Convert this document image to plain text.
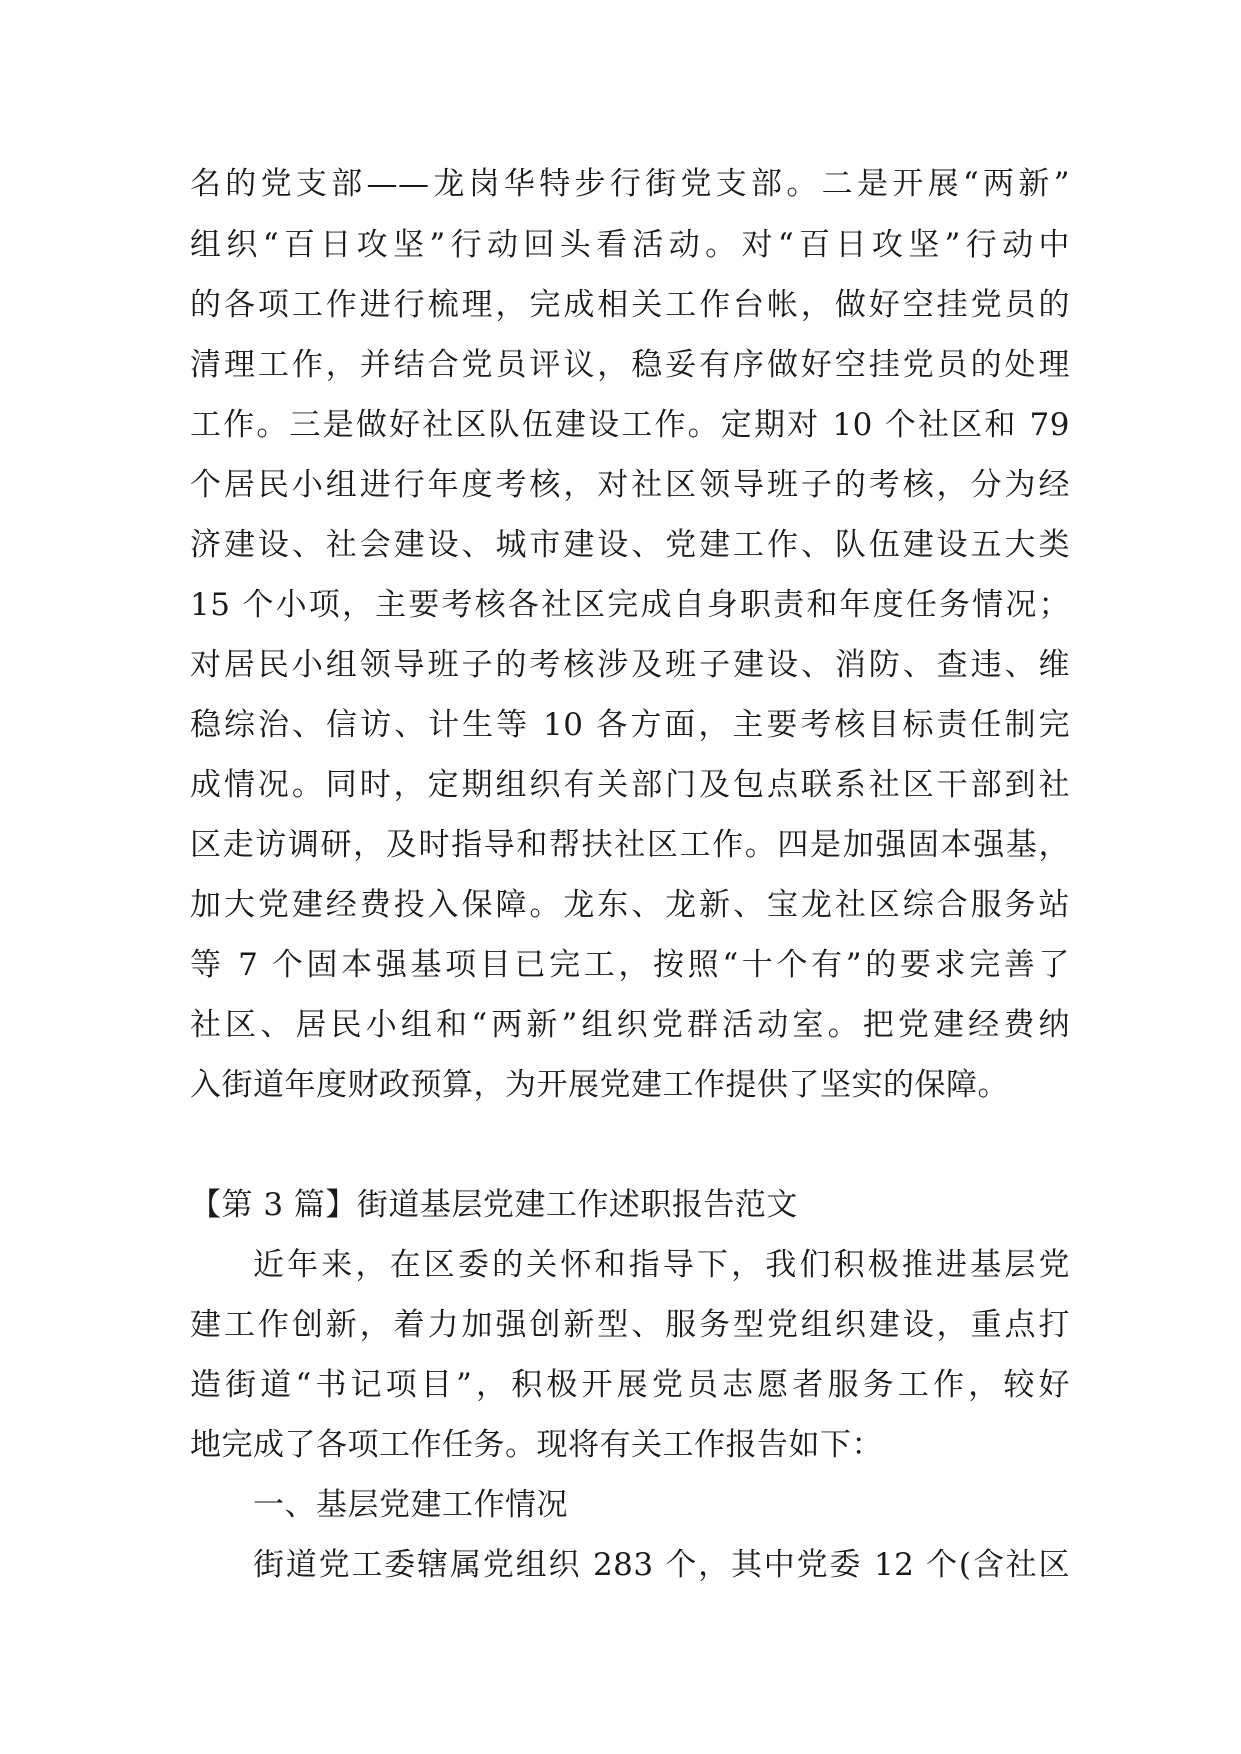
名的党支部——龙岗华特步行街党支部。二是开展“两新”
组织“百日攻坚”行动回头看活动。对“百日攻坚”行动中
的各项工作进行梳理，完成相关工作台帐，做好空挂党员的
清理工作，并结合党员评议，稳妥有序做好空挂党员的处理
工作。三是做好社区队伍建设工作。定期对 10 个社区和 79
个居民小组进行年度考核，对社区领导班子的考核，分为经
济建设、社会建设、城市建设、党建工作、队伍建设五大类
15 个小项，主要考核各社区完成自身职责和年度任务情况；
对居民小组领导班子的考核涉及班子建设、消防、查违、维
稳综治、信访、计生等 10 各方面，主要考核目标责任制完
成情况。同时，定期组织有关部门及包点联系社区干部到社
区走访调研，及时指导和帮扶社区工作。四是加强固本强基，
加大党建经费投入保障。龙东、龙新、宝龙社区综合服务站
等 7 个固本强基项目已完工，按照“十个有”的要求完善了
社区、居民小组和“两新”组织党群活动室。把党建经费纳
入街道年度财政预算，为开展党建工作提供了坚实的保障。
【第 3 篇】街道基层党建工作述职报告范文
近年来，在区委的关怀和指导下，我们积极推进基层党
建工作创新，着力加强创新型、服务型党组织建设，重点打
造街道“书记项目”，积极开展党员志愿者服务工作，较好
地完成了各项工作任务。现将有关工作报告如下：
一、基层党建工作情况
街道党工委辖属党组织 283 个，其中党委 12 个(含社区
